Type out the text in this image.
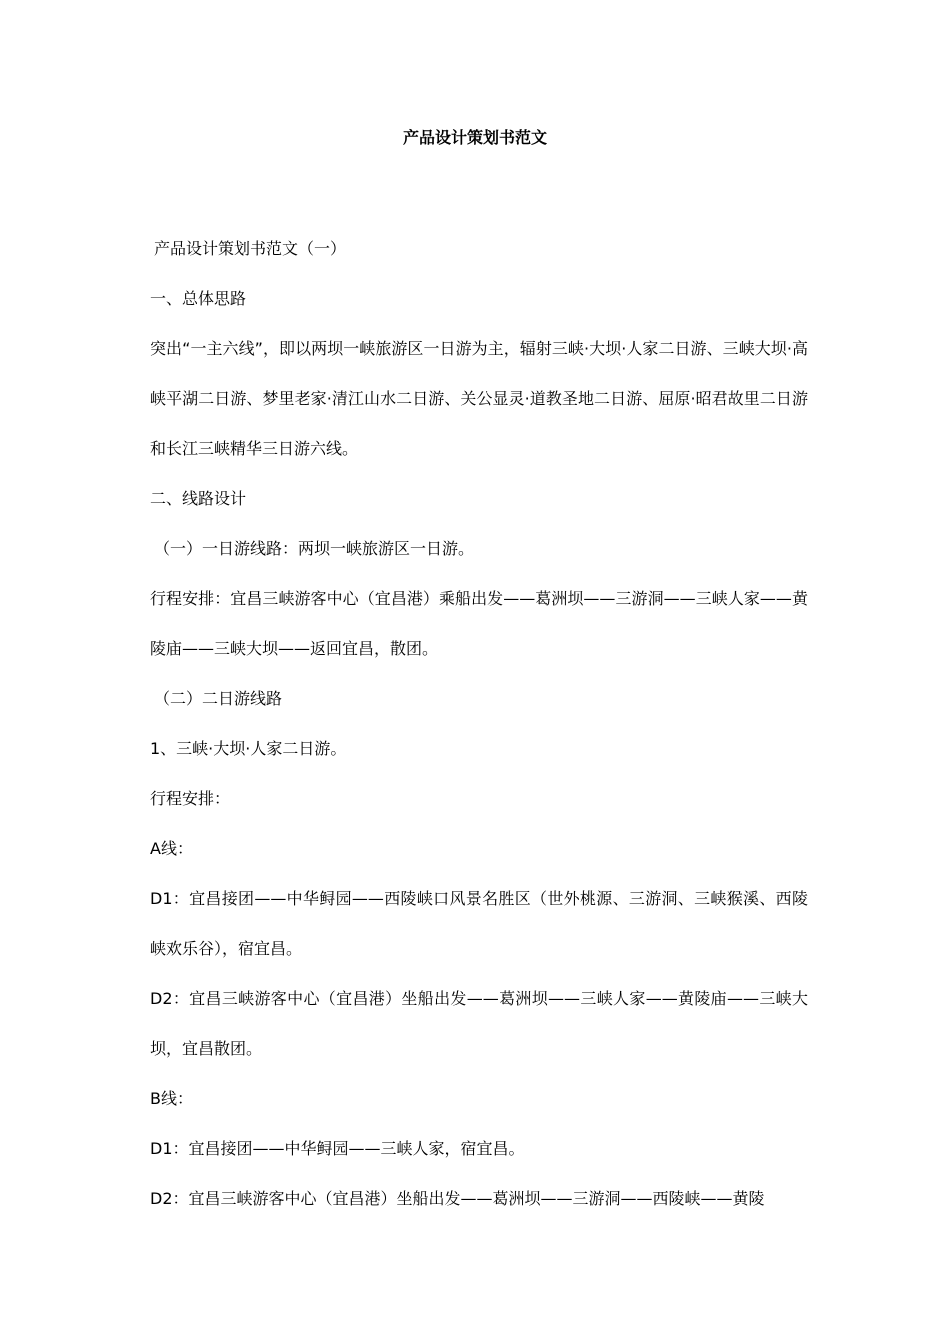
产品设计策划书范文

产品设计策划书范文（一）

一、总体思路

突出“一主六线”，即以两坝一峡旅游区一日游为主，辐射三峡·大坝·人家二日游、三峡大坝·高峡平湖二日游、梦里老家·清江山水二日游、关公显灵·道教圣地二日游、屈原·昭君故里二日游和长江三峡精华三日游六线。

二、线路设计

（一）一日游线路：两坝一峡旅游区一日游。

行程安排：宜昌三峡游客中心（宜昌港）乘船出发——葛洲坝——三游洞——三峡人家——黄陵庙——三峡大坝——返回宜昌，散团。

（二）二日游线路

1、三峡·大坝·人家二日游。

行程安排：

A线：

D1：宜昌接团——中华鲟园——西陵峡口风景名胜区（世外桃源、三游洞、三峡猴溪、西陵峡欢乐谷），宿宜昌。

D2：宜昌三峡游客中心（宜昌港）坐船出发——葛洲坝——三峡人家——黄陵庙——三峡大坝，宜昌散团。

B线：

D1：宜昌接团——中华鲟园——三峡人家，宿宜昌。

D2：宜昌三峡游客中心（宜昌港）坐船出发——葛洲坝——三游洞——西陵峡——黄陵
